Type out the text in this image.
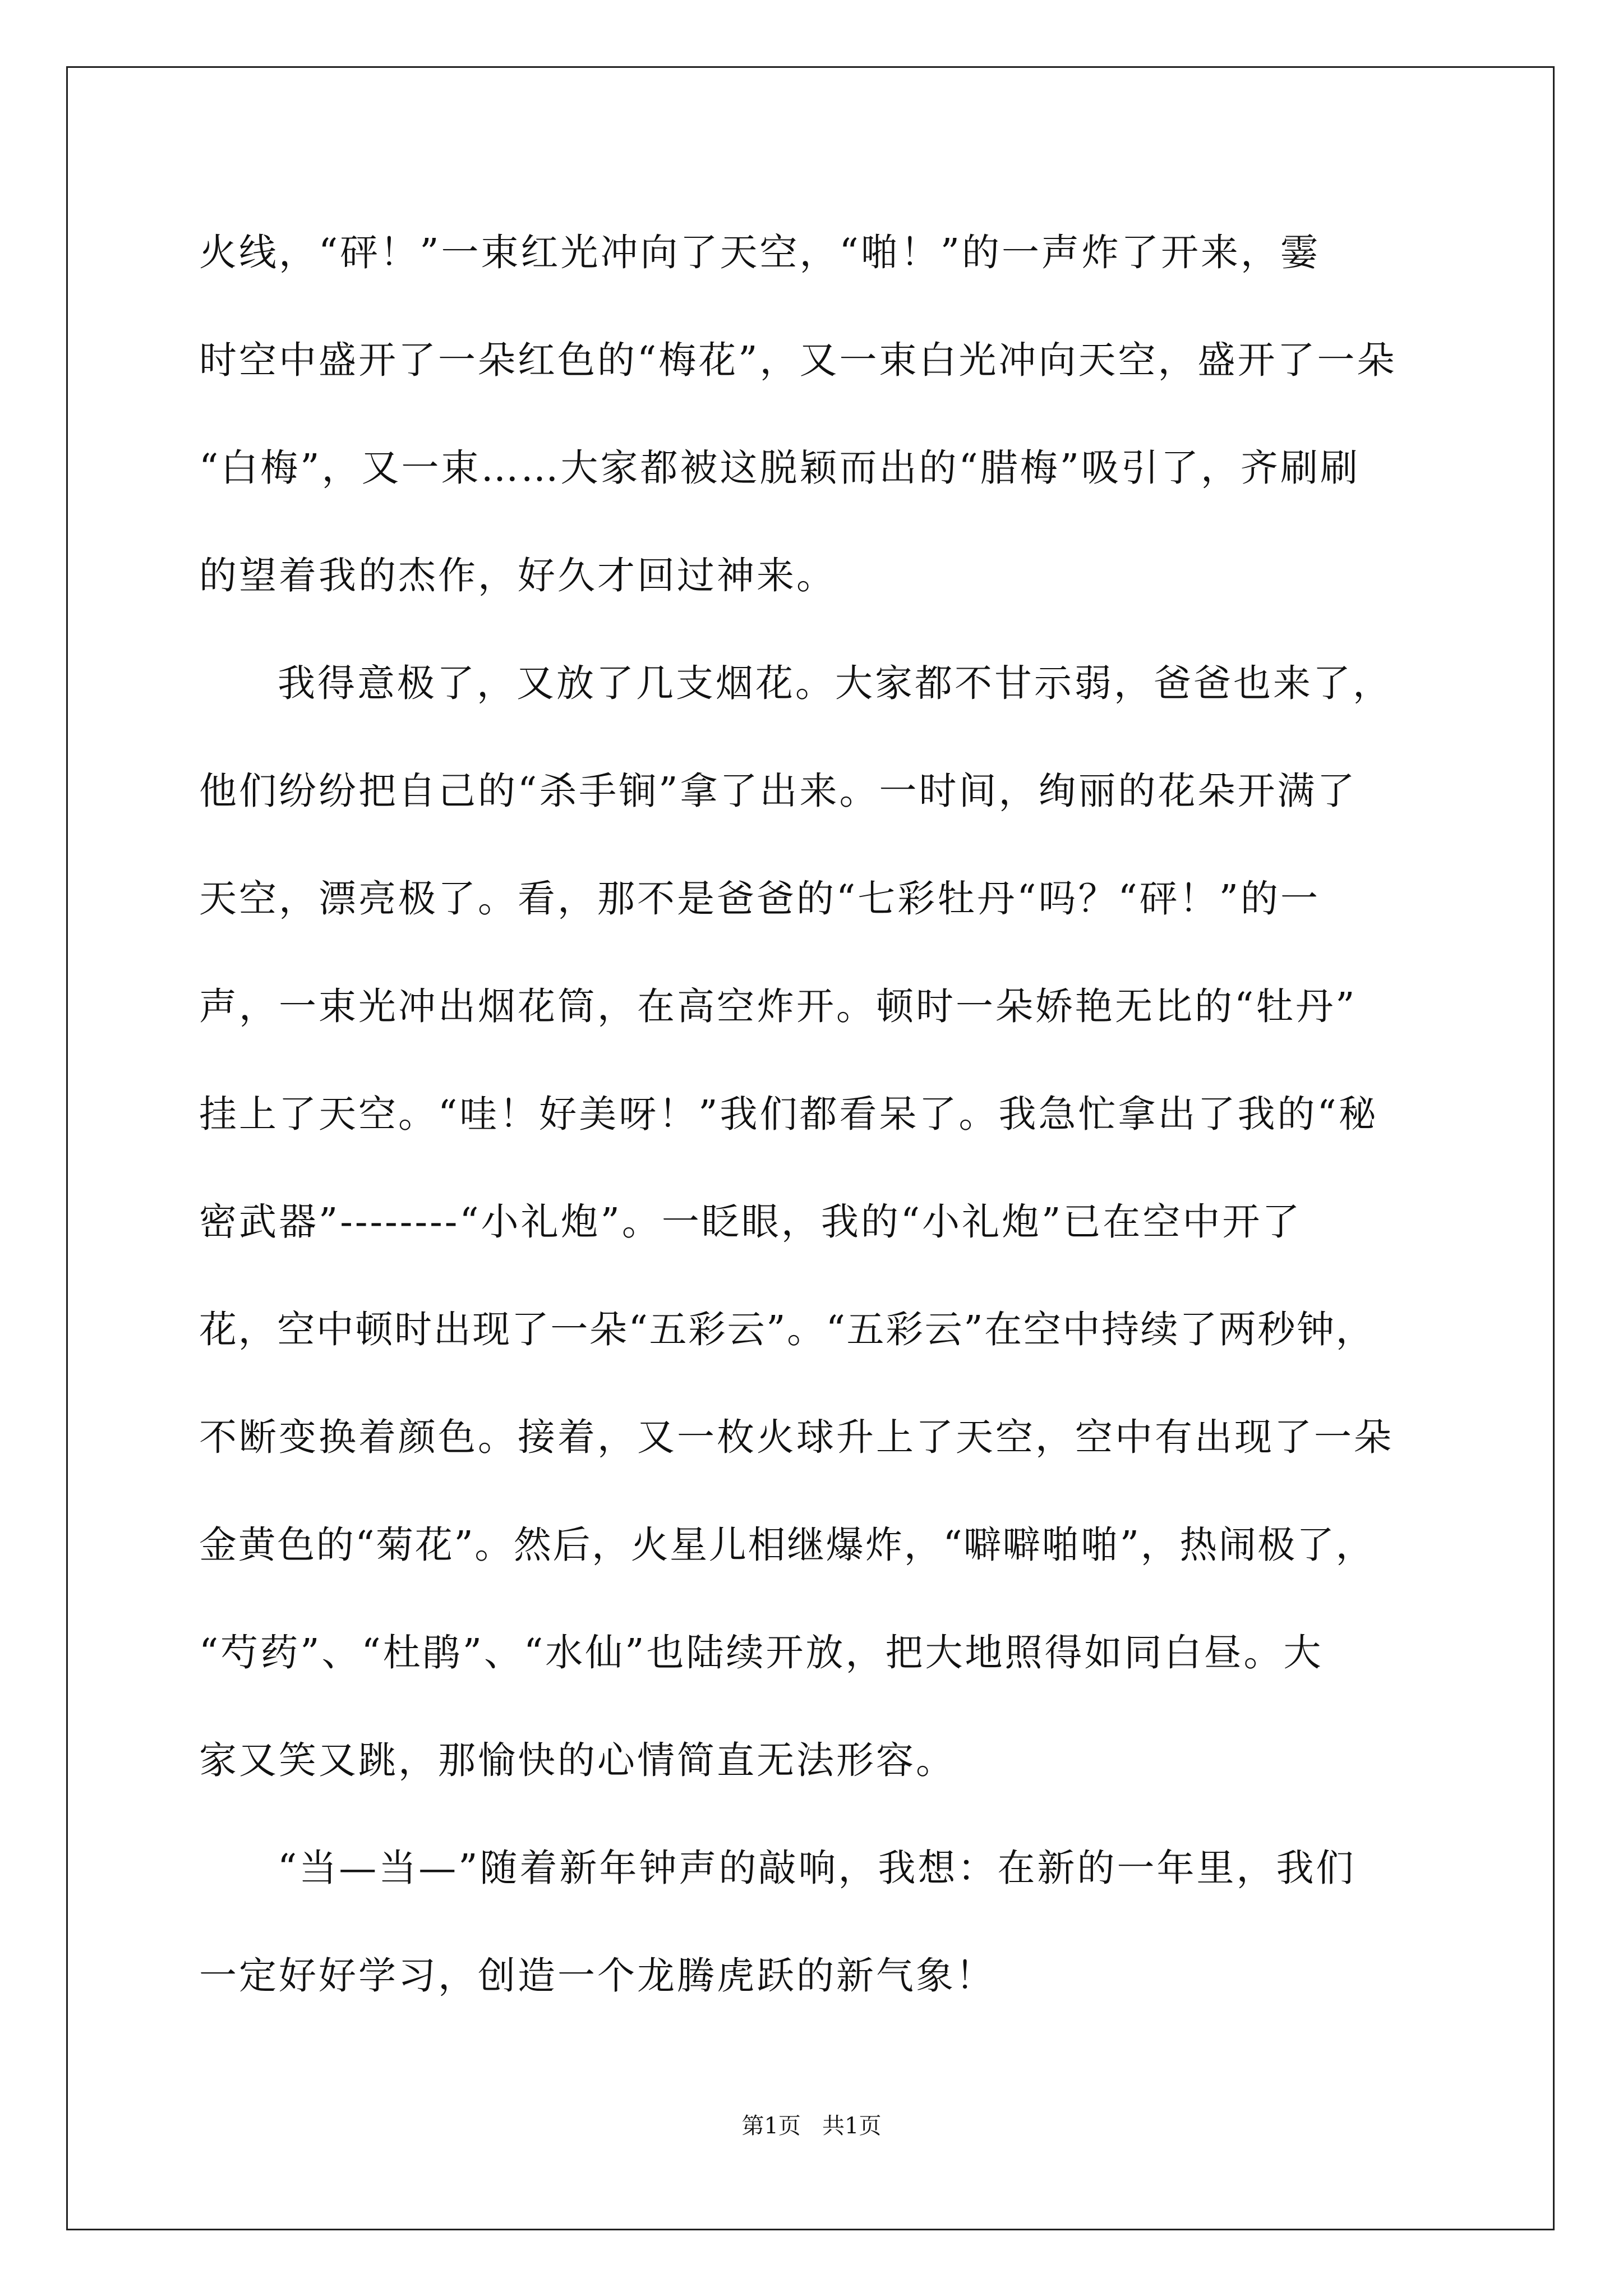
火线，“砰！”一束红光冲向了天空，“啪！”的一声炸了开来，霎
时空中盛开了一朵红色的“梅花”，又一束白光冲向天空，盛开了一朵
“白梅”，又一束……大家都被这脱颖而出的“腊梅”吸引了，齐刷刷
的望着我的杰作，好久才回过神来。
我得意极了，又放了几支烟花。大家都不甘示弱，爸爸也来了，
他们纷纷把自己的“杀手锏”拿了出来。一时间，绚丽的花朵开满了
天空，漂亮极了。看，那不是爸爸的“七彩牡丹“吗？“砰！”的一
声，一束光冲出烟花筒，在高空炸开。顿时一朵娇艳无比的“牡丹”
挂上了天空。“哇！好美呀！”我们都看呆了。我急忙拿出了我的“秘
密武器”--------“小礼炮”。一眨眼，我的“小礼炮”已在空中开了
花，空中顿时出现了一朵“五彩云”。“五彩云”在空中持续了两秒钟，
不断变换着颜色。接着，又一枚火球升上了天空，空中有出现了一朵
金黄色的“菊花”。然后，火星儿相继爆炸，“噼噼啪啪”，热闹极了，
“芍药”、“杜鹃”、“水仙”也陆续开放，把大地照得如同白昼。大
家又笑又跳，那愉快的心情简直无法形容。
“当—当—”随着新年钟声的敲响，我想：在新的一年里，我们
一定好好学习，创造一个龙腾虎跃的新气象！
第1页   共1页
